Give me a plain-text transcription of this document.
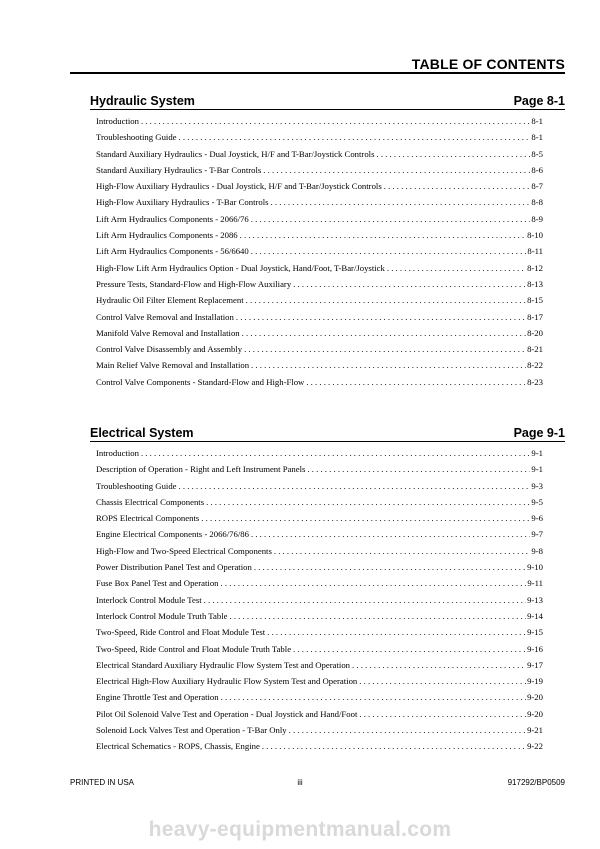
TABLE OF CONTENTS
Hydraulic System	Page 8-1
Introduction . . .	8-1
Troubleshooting Guide . . .	8-1
Standard Auxiliary Hydraulics - Dual Joystick, H/F and T-Bar/Joystick Controls . . .	8-5
Standard Auxiliary Hydraulics - T-Bar Controls . . .	8-6
High-Flow Auxiliary Hydraulics - Dual Joystick, H/F and T-Bar/Joystick Controls . . .	8-7
High-Flow Auxiliary Hydraulics - T-Bar Controls . . .	8-8
Lift Arm Hydraulics Components - 2066/76 . . .	8-9
Lift Arm Hydraulics Components - 2086 . . .	8-10
Lift Arm Hydraulics Components - 56/6640 . . .	8-11
High-Flow Lift Arm Hydraulics Option - Dual Joystick, Hand/Foot, T-Bar/Joystick . . .	8-12
Pressure Tests, Standard-Flow and High-Flow Auxiliary . . .	8-13
Hydraulic Oil Filter Element Replacement . . .	8-15
Control Valve Removal and Installation . . .	8-17
Manifold Valve Removal and Installation . . .	8-20
Control Valve Disassembly and Assembly . . .	8-21
Main Relief Valve Removal and Installation . . .	8-22
Control Valve Components - Standard-Flow and High-Flow . . .	8-23
Electrical System	Page 9-1
Introduction . . .	9-1
Description of Operation - Right and Left Instrument Panels . . .	9-1
Troubleshooting Guide . . .	9-3
Chassis Electrical Components . . .	9-5
ROPS Electrical Components . . .	9-6
Engine Electrical Components - 2066/76/86 . . .	9-7
High-Flow and Two-Speed Electrical Components . . .	9-8
Power Distribution Panel Test and Operation . . .	9-10
Fuse Box Panel Test and Operation . . .	9-11
Interlock Control Module Test . . .	9-13
Interlock Control Module Truth Table . . .	9-14
Two-Speed, Ride Control and Float Module Test . . .	9-15
Two-Speed, Ride Control and Float Module Truth Table . . .	9-16
Electrical Standard Auxiliary Hydraulic Flow System Test and Operation . . .	9-17
Electrical High-Flow Auxiliary Hydraulic Flow System Test and Operation . . .	9-19
Engine Throttle Test and Operation . . .	9-20
Pilot Oil Solenoid Valve Test and Operation - Dual Joystick and Hand/Foot . . .	9-20
Solenoid Lock Valves Test and Operation - T-Bar Only . . .	9-21
Electrical Schematics - ROPS, Chassis, Engine . . .	9-22
PRINTED IN USA	iii	917292/BP0509
heavy-equipmentmanual.com
